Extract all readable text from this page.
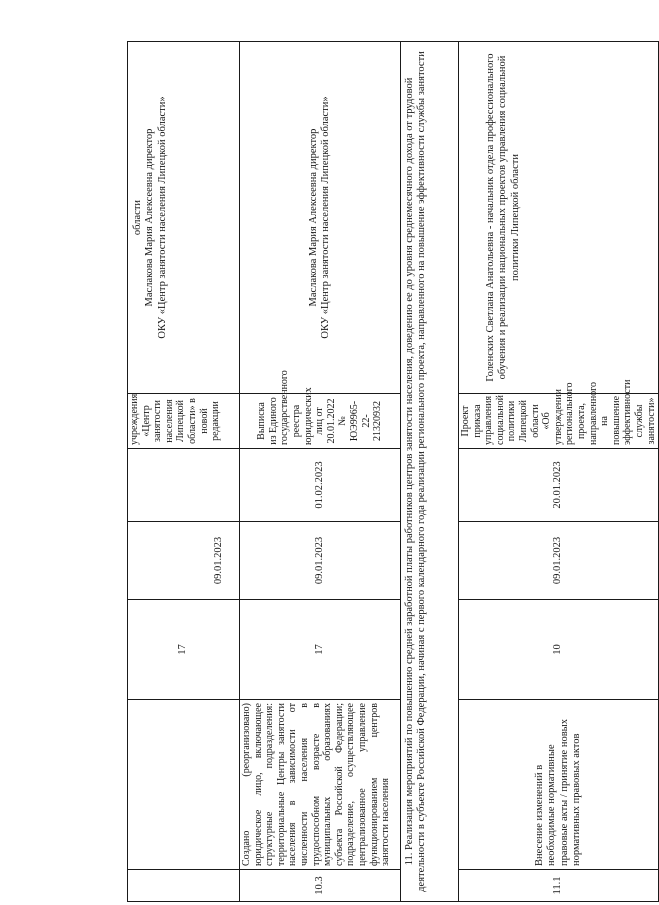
		17	09.01.2023		учреждения «Центр занятости населения Липецкой области» в новой редакции	области
Маслакова Мария Алексеевна директор
ОКУ «Центр занятости населения Липецкой области»
10.3	Создано (реорганизовано) юридическое лицо, включающее структурные подразделения: территориальные Центры занятости населения в зависимости от численности населения в трудоспособном возрасте в муниципальных образованиях субъекта Российской Федерации; подразделение, осуществляющее централизованное управление функционированием центров занятости населения	17	09.01.2023	01.02.2023	Выписка из Единого государственного реестра юридических лиц от 20.01.2022 № ЮЭ9965-22-21320932	Маслакова Мария Алексеевна директор
ОКУ «Центр занятости населения Липецкой области»
11. Реализация мероприятий по повышению средней заработной платы работников центров занятости населения, доведению ее до уровня среднемесячного дохода от трудовой деятельности в субъекте Российской Федерации, начиная с первого календарного года реализации регионального проекта, направленного на повышение эффективности службы занятости						
11.1	Внесение изменений в необходимые нормативные правовые акты / принятие новых нормативных правовых актов	10	09.01.2023	20.01.2023	Проект приказа управления социальной политики Липецкой области «Об утверждении регионального проекта, направленного на повышение эффективности службы занятости»	Голенских Светлана Анатольевна - начальник отдела профессионального обучения и реализации национальных проектов управления социальной политики Липецкой области
